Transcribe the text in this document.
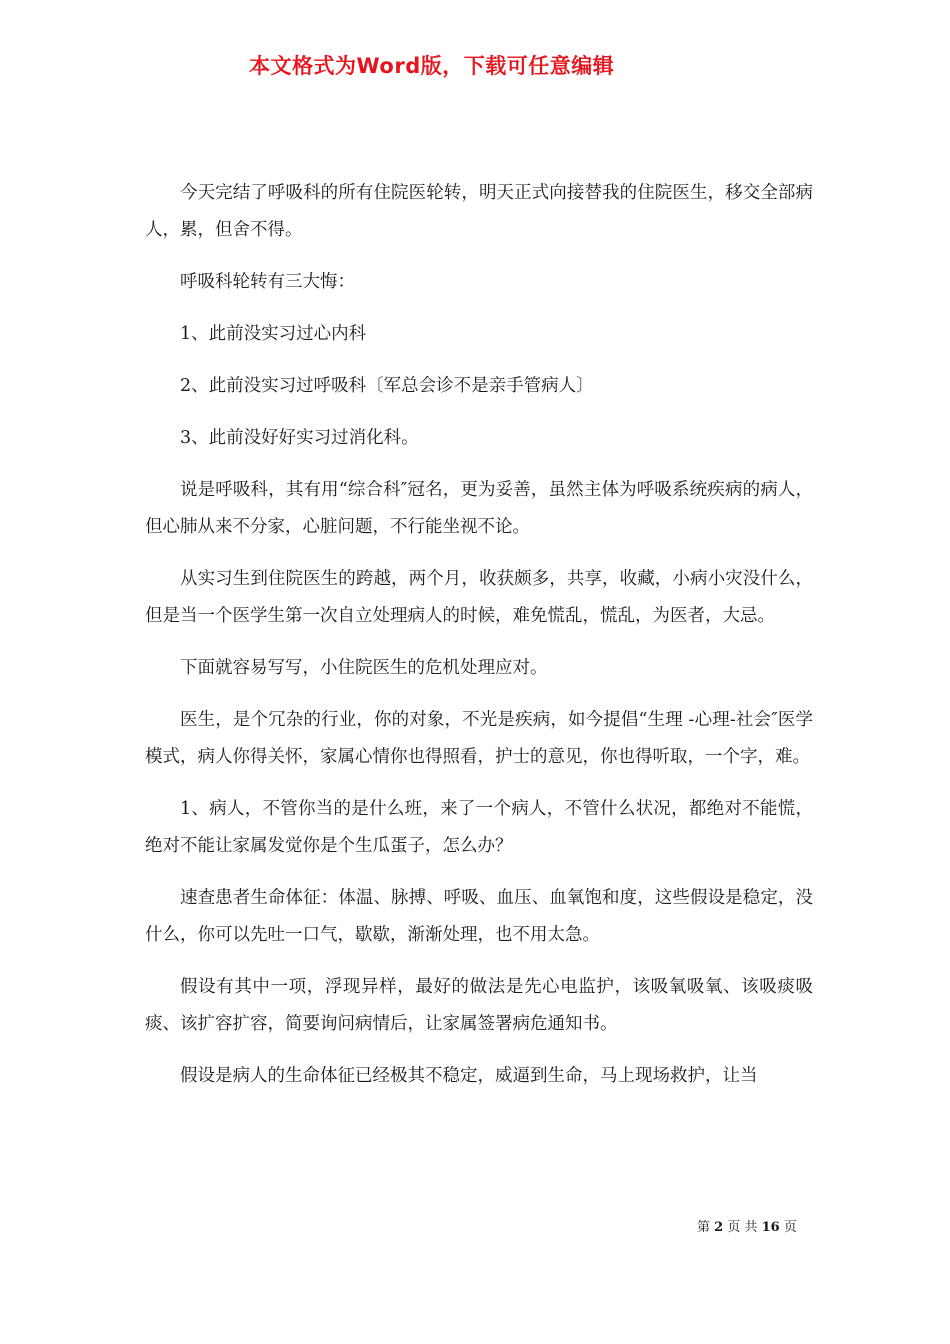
本文格式为Word版，下载可任意编辑

今天完结了呼吸科的所有住院医轮转，明天正式向接替我的住院医生，移交全部病人，累，但舍不得。

呼吸科轮转有三大悔：

1、此前没实习过心内科

2、此前没实习过呼吸科〔军总会诊不是亲手管病人〕

3、此前没好好实习过消化科。

说是呼吸科，其有用“综合科″冠名，更为妥善，虽然主体为呼吸系统疾病的病人，但心肺从来不分家，心脏问题，不行能坐视不论。

从实习生到住院医生的跨越，两个月，收获颇多，共享，收藏，小病小灾没什么，但是当一个医学生第一次自立处理病人的时候，难免慌乱，慌乱，为医者，大忌。

下面就容易写写，小住院医生的危机处理应对。

医生，是个冗杂的行业，你的对象，不光是疾病，如今提倡“生理 -心理-社会″医学模式，病人你得关怀，家属心情你也得照看，护士的意见，你也得听取，一个字，难。

1、病人，不管你当的是什么班，来了一个病人，不管什么状况，都绝对不能慌，绝对不能让家属发觉你是个生瓜蛋子，怎么办？

速查患者生命体征：体温、脉搏、呼吸、血压、血氧饱和度，这些假设是稳定，没什么，你可以先吐一口气，歇歇，渐渐处理，也不用太急。

假设有其中一项，浮现异样，最好的做法是先心电监护，该吸氧吸氧、该吸痰吸痰、该扩容扩容，简要询问病情后，让家属签署病危通知书。

假设是病人的生命体征已经极其不稳定，威逼到生命，马上现场救护，让当

第 2 页 共 16 页
